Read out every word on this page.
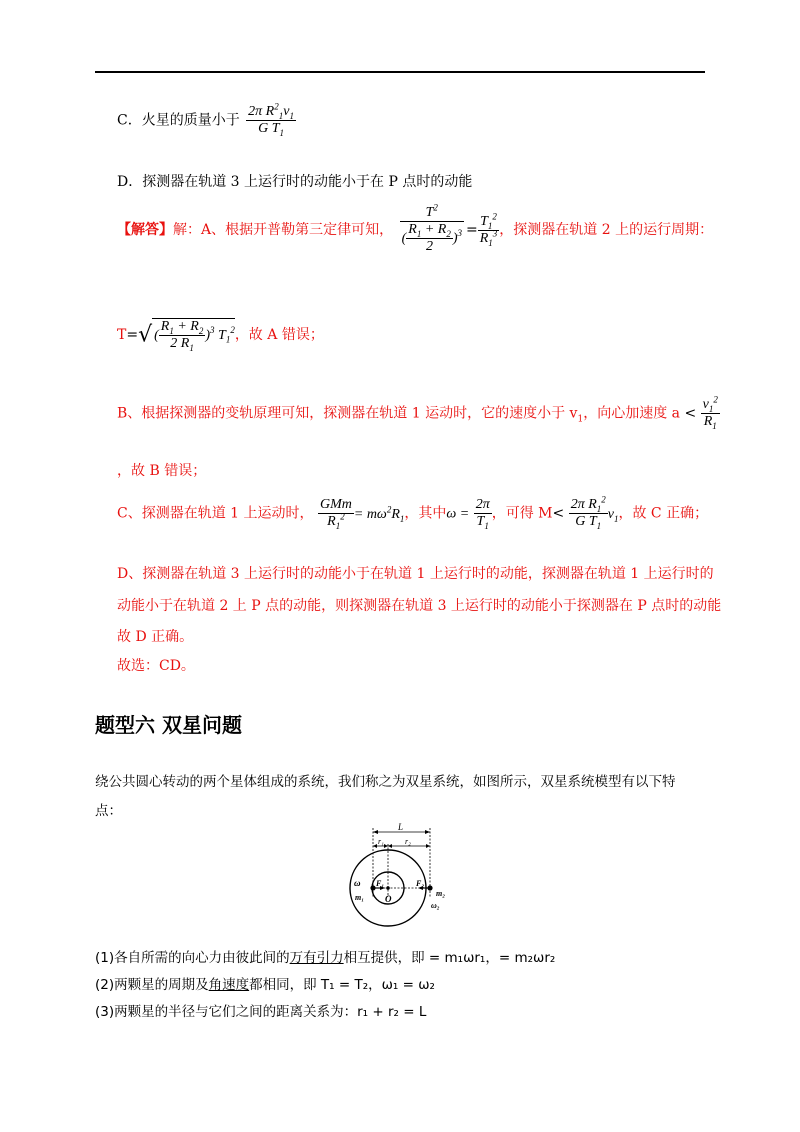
C．火星的质量小于 $\frac{2\pi R^2_1v_1}{G T_1}$
D．探测器在轨道 3 上运行时的动能小于在 P 点时的动能
【解答】解：A、根据开普勒第三定律可知， $\frac{T^2}{( \frac{R_1 + R_2}{2} )^3} = \frac{T_1^2}{R_1^3}$ ，探测器在轨道 2 上的运行周期：
T=√ ( $\frac{R_1 + R_2}{2 R_1} )^3$ $T_1^2$，故 A 错误；
B、根据探测器的变轨原理可知，探测器在轨道 1 运动时，它的速度小于 $v_1$，向心加速度 $a < \frac{v_1^2}{R_1}$
，故 B 错误；
C、探测器在轨道 1 上运动时， $\frac{\text{GMm}}{R_1^2} = m\omega^2R_1$，其中$\omega = \frac{2\pi}{T_1}$ ，可得 $M< \frac{2\pi R_1^2}{G T_1} v_1$，故 C 正确；
D、探测器在轨道 3 上运行时的动能小于在轨道 1 上运行时的动能，探测器在轨道 1 上运行时的
动能小于在轨道 2 上 P 点的动能，则探测器在轨道 3 上运行时的动能小于探测器在 P 点时的动能
故 D 正确。
故选：CD。
题型六 双星问题
绕公共圆心转动的两个星体组成的系统，我们称之为双星系统，如图所示，双星系统模型有以下特
点：
L
r₁	r₂
ω F₁	F₂
m₁	m₂
O
ω₂
(1)各自所需的向心力由彼此间的万有引力相互提供，即 = m₁ωr₁，= m₂ωr₂
(2)两颗星的周期及角速度都相同，即 T₁ = T₂，ω₁ = ω₂
(3)两颗星的半径与它们之间的距离关系为：r₁ + r₂ = L
